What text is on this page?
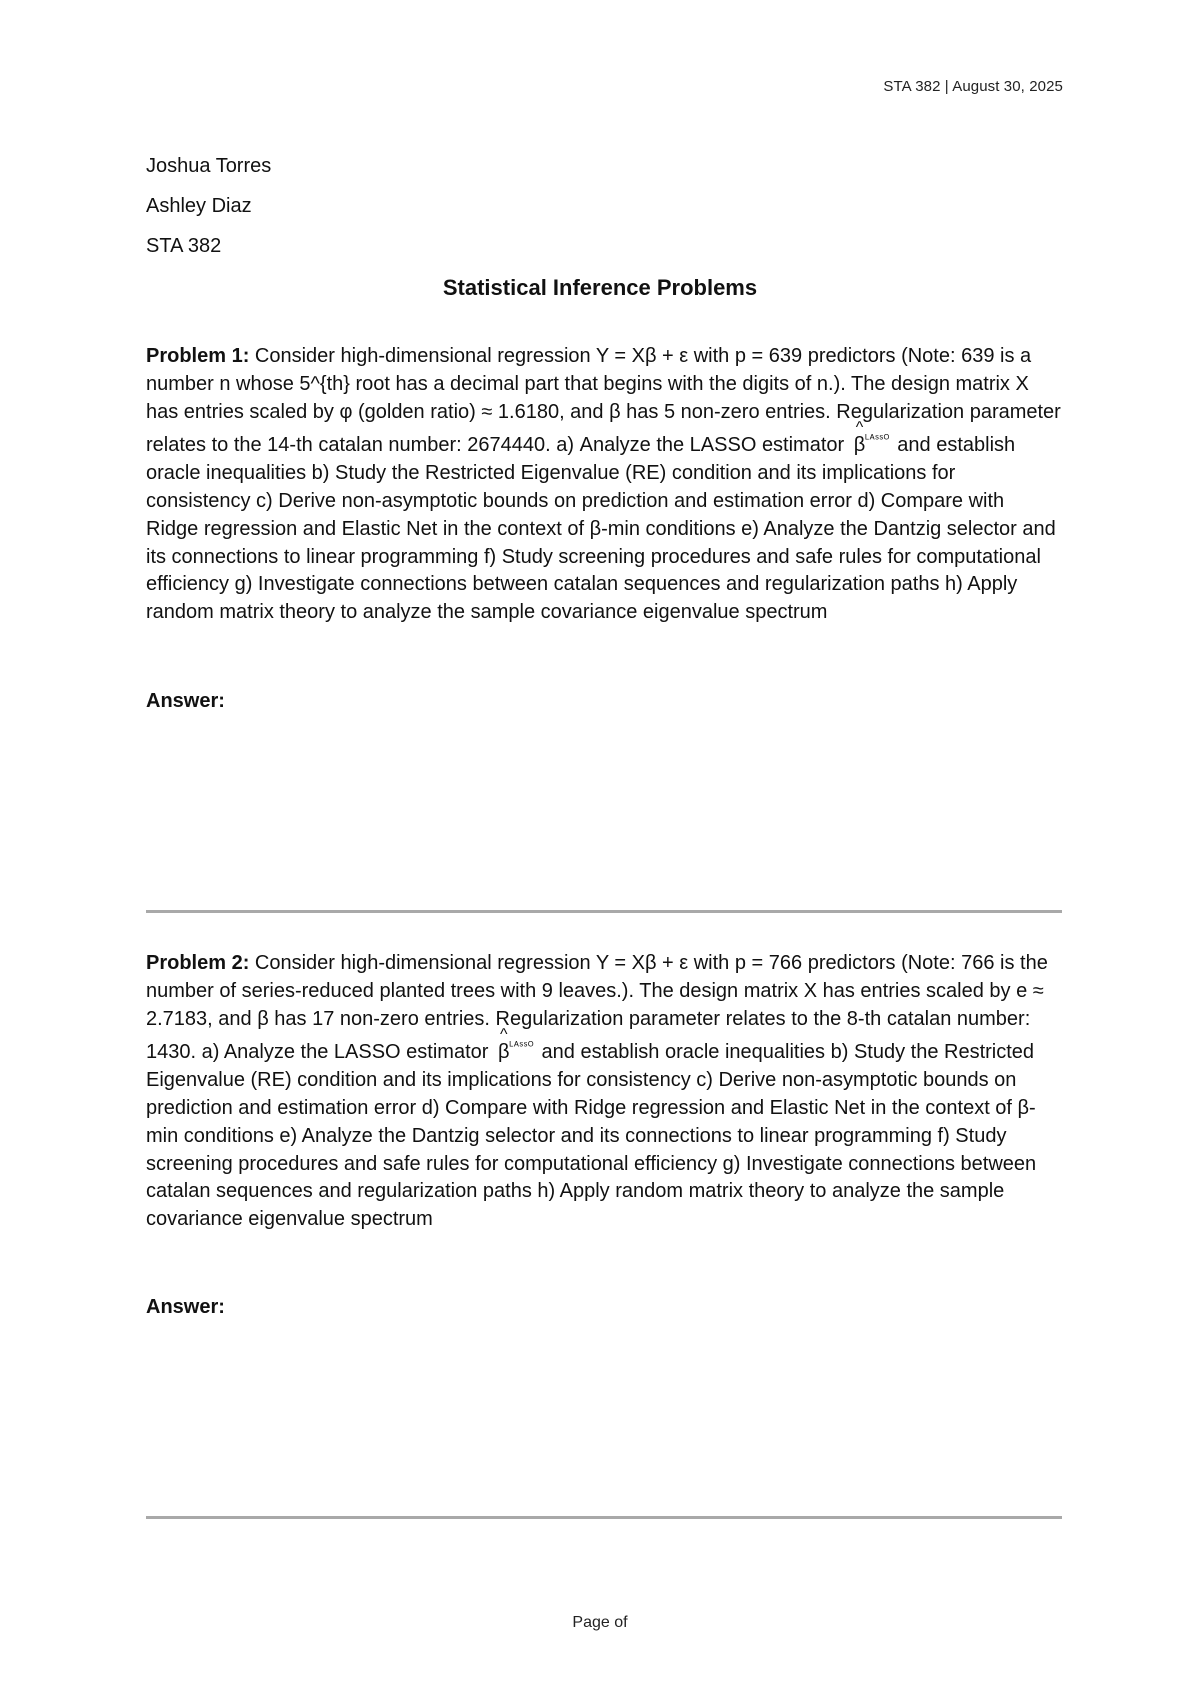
STA 382 | August 30, 2025
Joshua Torres
Ashley Diaz
STA 382
Statistical Inference Problems
Problem 1: Consider high-dimensional regression Y = Xβ + ε with p = 639 predictors (Note: 639 is a number n whose 5^{th} root has a decimal part that begins with the digits of n.). The design matrix X has entries scaled by φ (golden ratio) ≈ 1.6180, and β has 5 non-zero entries. Regularization parameter relates to the 14-th catalan number: 2674440. a) Analyze the LASSO estimator
^
$\beta^{ᴸᴬˢˢᴼ}$ and establish oracle inequalities b) Study the Restricted Eigenvalue (RE) condition and its implications for consistency c) Derive non-asymptotic bounds on prediction and estimation error d) Compare with Ridge regression and Elastic Net in the context of β-min conditions e) Analyze the Dantzig selector and its connections to linear programming f) Study screening procedures and safe rules for computational efficiency g) Investigate connections between catalan sequences and regularization paths h) Apply random matrix theory to analyze the sample covariance eigenvalue spectrum
Answer:
Problem 2: Consider high-dimensional regression Y = Xβ + ε with p = 766 predictors (Note: 766 is the number of series-reduced planted trees with 9 leaves.). The design matrix X has entries scaled by e ≈ 2.7183, and β has 17 non-zero entries. Regularization parameter relates to the 8-th catalan number: 1430. a) Analyze the LASSO estimator
^
$\beta^{ᴸᴬˢˢᴼ}$ and establish oracle inequalities b) Study the Restricted Eigenvalue (RE) condition and its implications for consistency c) Derive non-asymptotic bounds on prediction and estimation error d) Compare with Ridge regression and Elastic Net in the context of β-min conditions e) Analyze the Dantzig selector and its connections to linear programming f) Study screening procedures and safe rules for computational efficiency g) Investigate connections between catalan sequences and regularization paths h) Apply random matrix theory to analyze the sample covariance eigenvalue spectrum
Answer:
Page of
